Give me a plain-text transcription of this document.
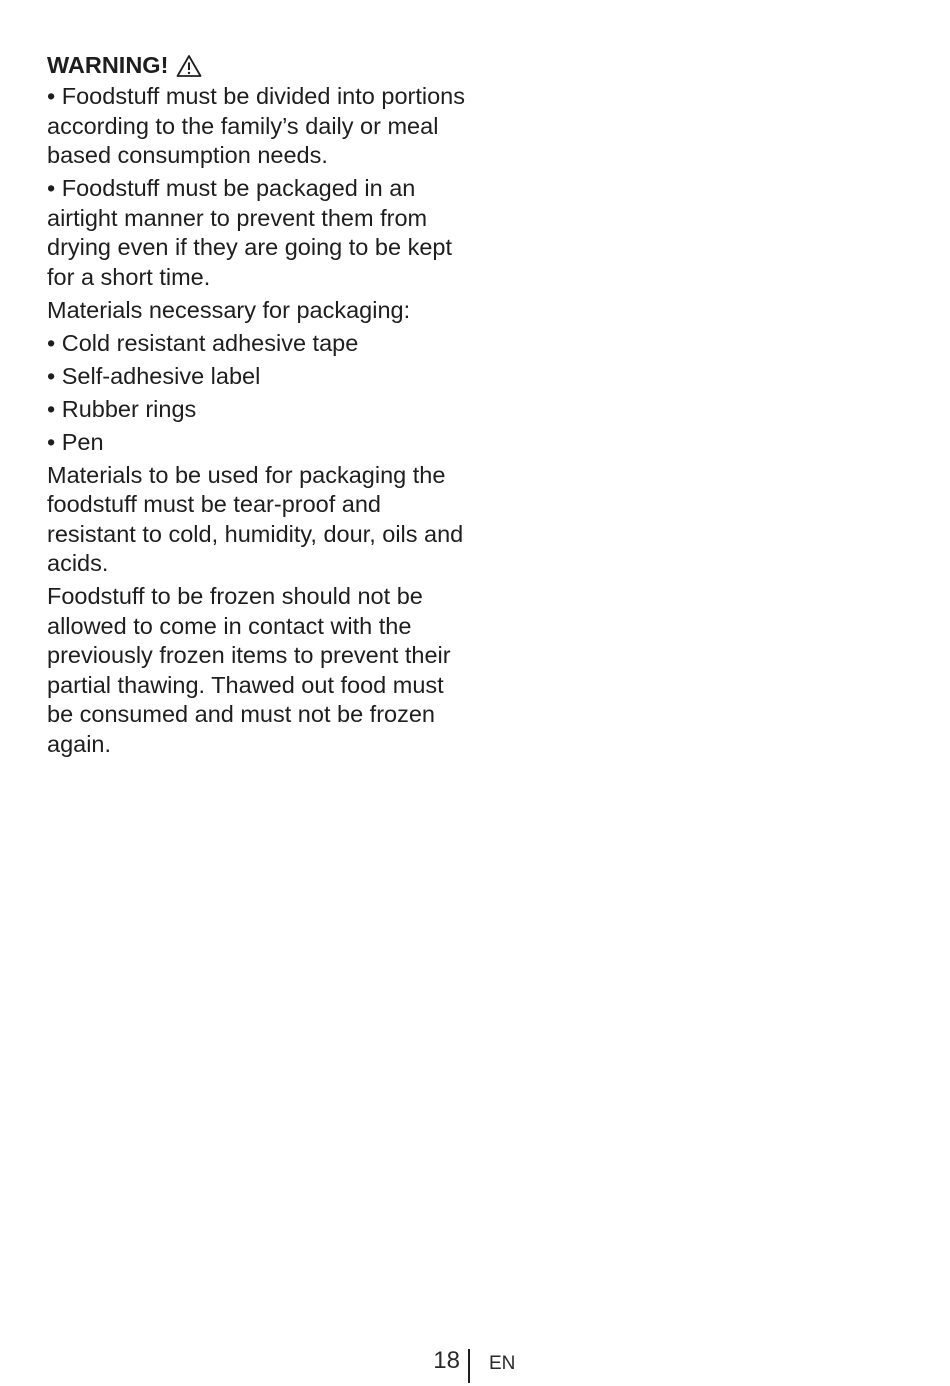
WARNING!

• Foodstuff must be divided into portions according to the family’s daily or meal based consumption needs.

• Foodstuff must be packaged in an airtight manner to prevent them from drying even if they are going to be kept for a short time.

Materials necessary for packaging:

• Cold resistant adhesive tape

• Self-adhesive label

• Rubber rings

• Pen

Materials to be used for packaging the foodstuff must be tear-proof and resistant to cold, humidity, dour, oils and acids.

Foodstuff to be frozen should not be allowed to come in contact with the previously frozen items to prevent their partial thawing. Thawed out food must be consumed and must not be frozen again.

18 EN
